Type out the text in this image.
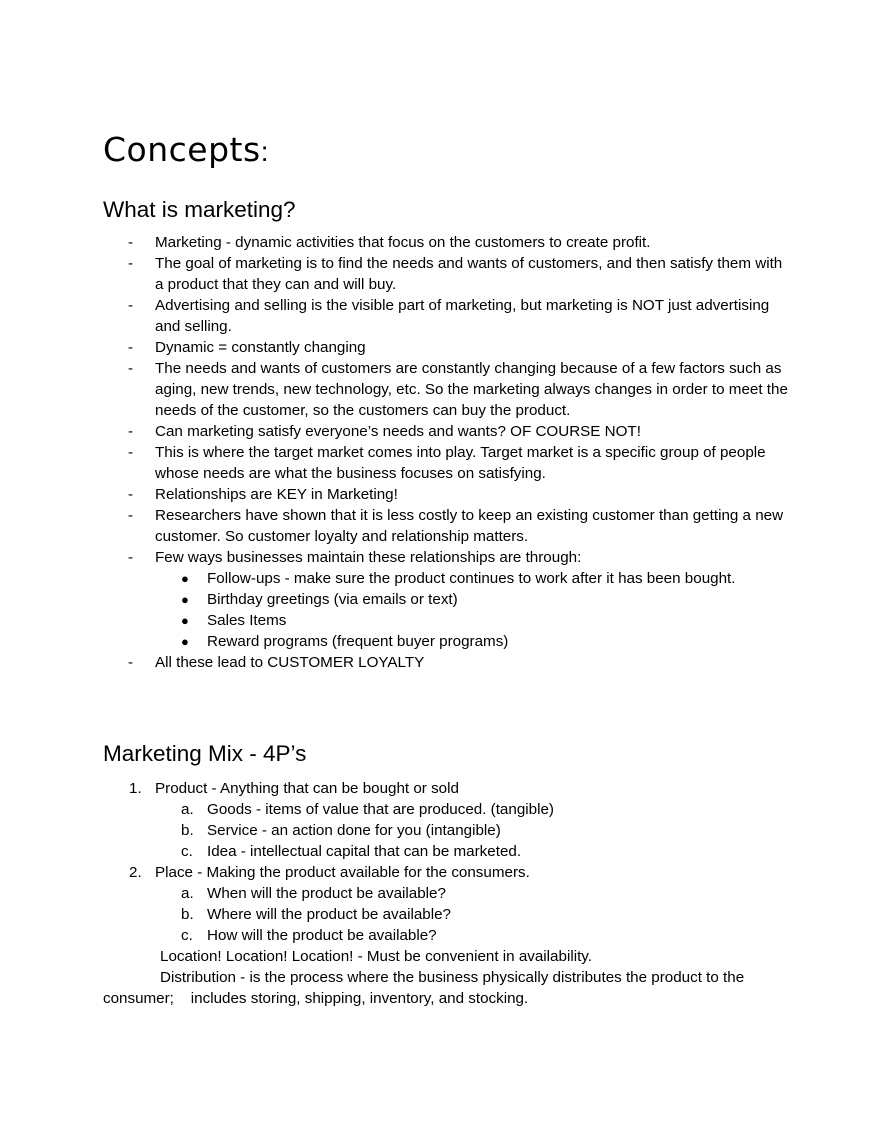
Concepts:
What is marketing?
- Marketing - dynamic activities that focus on the customers to create profit.
- The goal of marketing is to find the needs and wants of customers, and then satisfy them with a product that they can and will buy.
- Advertising and selling is the visible part of marketing, but marketing is NOT just advertising and selling.
- Dynamic = constantly changing
- The needs and wants of customers are constantly changing because of a few factors such as aging, new trends, new technology, etc. So the marketing always changes in order to meet the needs of the customer, so the customers can buy the product.
- Can marketing satisfy everyone’s needs and wants? OF COURSE NOT!
- This is where the target market comes into play. Target market is a specific group of people whose needs are what the business focuses on satisfying.
- Relationships are KEY in Marketing!
- Researchers have shown that it is less costly to keep an existing customer than getting a new customer. So customer loyalty and relationship matters.
- Few ways businesses maintain these relationships are through:
● Follow-ups - make sure the product continues to work after it has been bought.
● Birthday greetings (via emails or text)
● Sales Items
● Reward programs (frequent buyer programs)
- All these lead to CUSTOMER LOYALTY
Marketing Mix - 4P’s
1. Product - Anything that can be bought or sold
a. Goods - items of value that are produced. (tangible)
b. Service - an action done for you (intangible)
c. Idea - intellectual capital that can be marketed.
2. Place - Making the product available for the consumers.
a. When will the product be available?
b. Where will the product be available?
c. How will the product be available?

Location! Location! Location! - Must be convenient in availability.

Distribution - is the process where the business physically distributes the product to the consumer;    includes storing, shipping, inventory, and stocking.
